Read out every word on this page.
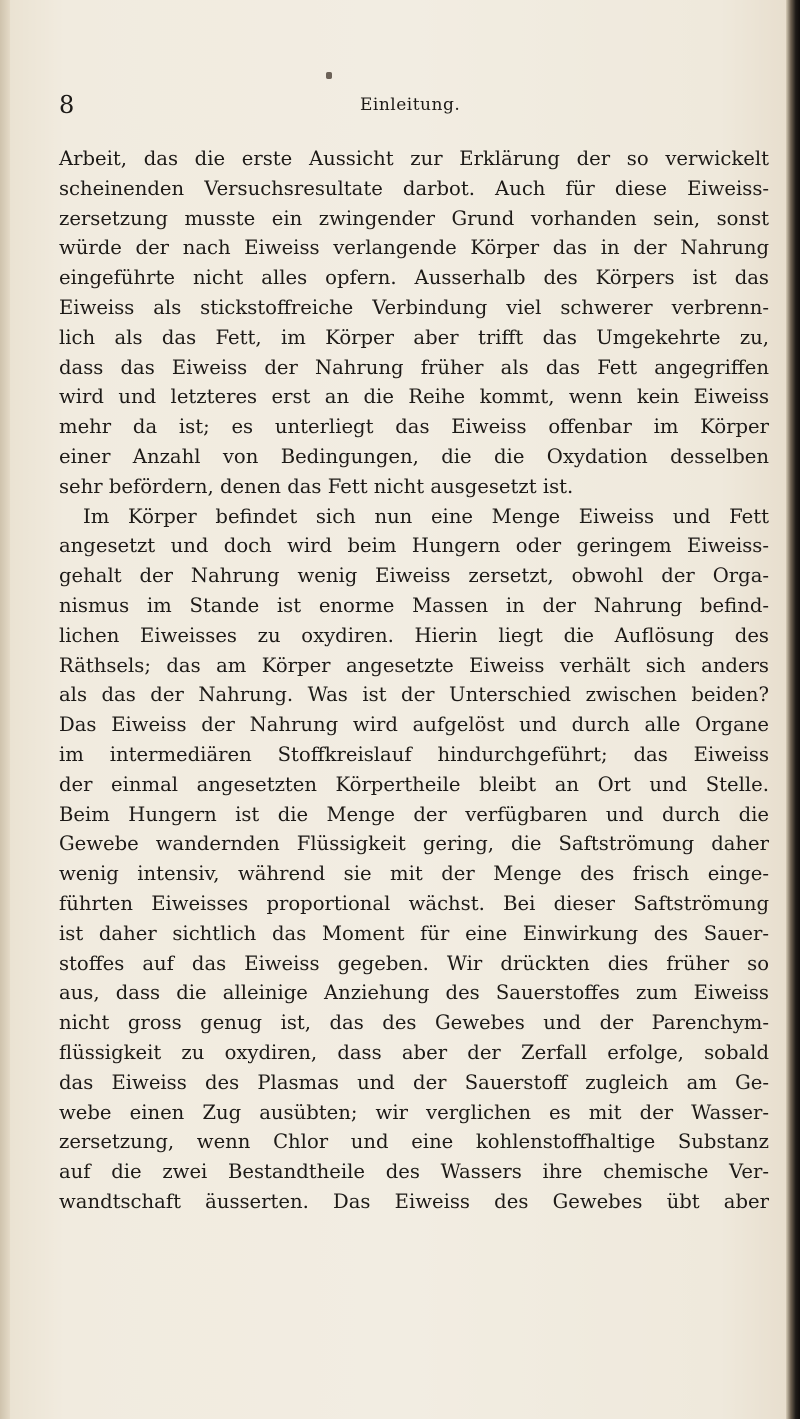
8	Einleitung.
Arbeit, das die erste Aussicht zur Erklärung der so verwickelt
scheinenden Versuchsresultate darbot. Auch für diese Eiweiss-
zersetzung musste ein zwingender Grund vorhanden sein, sonst
würde der nach Eiweiss verlangende Körper das in der Nahrung
eingeführte nicht alles opfern. Ausserhalb des Körpers ist das
Eiweiss als stickstoffreiche Verbindung viel schwerer verbrenn-
lich als das Fett, im Körper aber trifft das Umgekehrte zu,
dass das Eiweiss der Nahrung früher als das Fett angegriffen
wird und letzteres erst an die Reihe kommt, wenn kein Eiweiss
mehr da ist; es unterliegt das Eiweiss offenbar im Körper
einer Anzahl von Bedingungen, die die Oxydation desselben
sehr befördern, denen das Fett nicht ausgesetzt ist.
Im Körper befindet sich nun eine Menge Eiweiss und Fett
angesetzt und doch wird beim Hungern oder geringem Eiweiss-
gehalt der Nahrung wenig Eiweiss zersetzt, obwohl der Orga-
nismus im Stande ist enorme Massen in der Nahrung befind-
lichen Eiweisses zu oxydiren. Hierin liegt die Auflösung des
Räthsels; das am Körper angesetzte Eiweiss verhält sich anders
als das der Nahrung. Was ist der Unterschied zwischen beiden?
Das Eiweiss der Nahrung wird aufgelöst und durch alle Organe
im intermediären Stoffkreislauf hindurchgeführt; das Eiweiss
der einmal angesetzten Körpertheile bleibt an Ort und Stelle.
Beim Hungern ist die Menge der verfügbaren und durch die
Gewebe wandernden Flüssigkeit gering, die Saftströmung daher
wenig intensiv, während sie mit der Menge des frisch einge-
führten Eiweisses proportional wächst. Bei dieser Saftströmung
ist daher sichtlich das Moment für eine Einwirkung des Sauer-
stoffes auf das Eiweiss gegeben. Wir drückten dies früher so
aus, dass die alleinige Anziehung des Sauerstoffes zum Eiweiss
nicht gross genug ist, das des Gewebes und der Parenchym-
flüssigkeit zu oxydiren, dass aber der Zerfall erfolge, sobald
das Eiweiss des Plasmas und der Sauerstoff zugleich am Ge-
webe einen Zug ausübten; wir verglichen es mit der Wasser-
zersetzung, wenn Chlor und eine kohlenstoffhaltige Substanz
auf die zwei Bestandtheile des Wassers ihre chemische Ver-
wandtschaft äusserten. Das Eiweiss des Gewebes übt aber
